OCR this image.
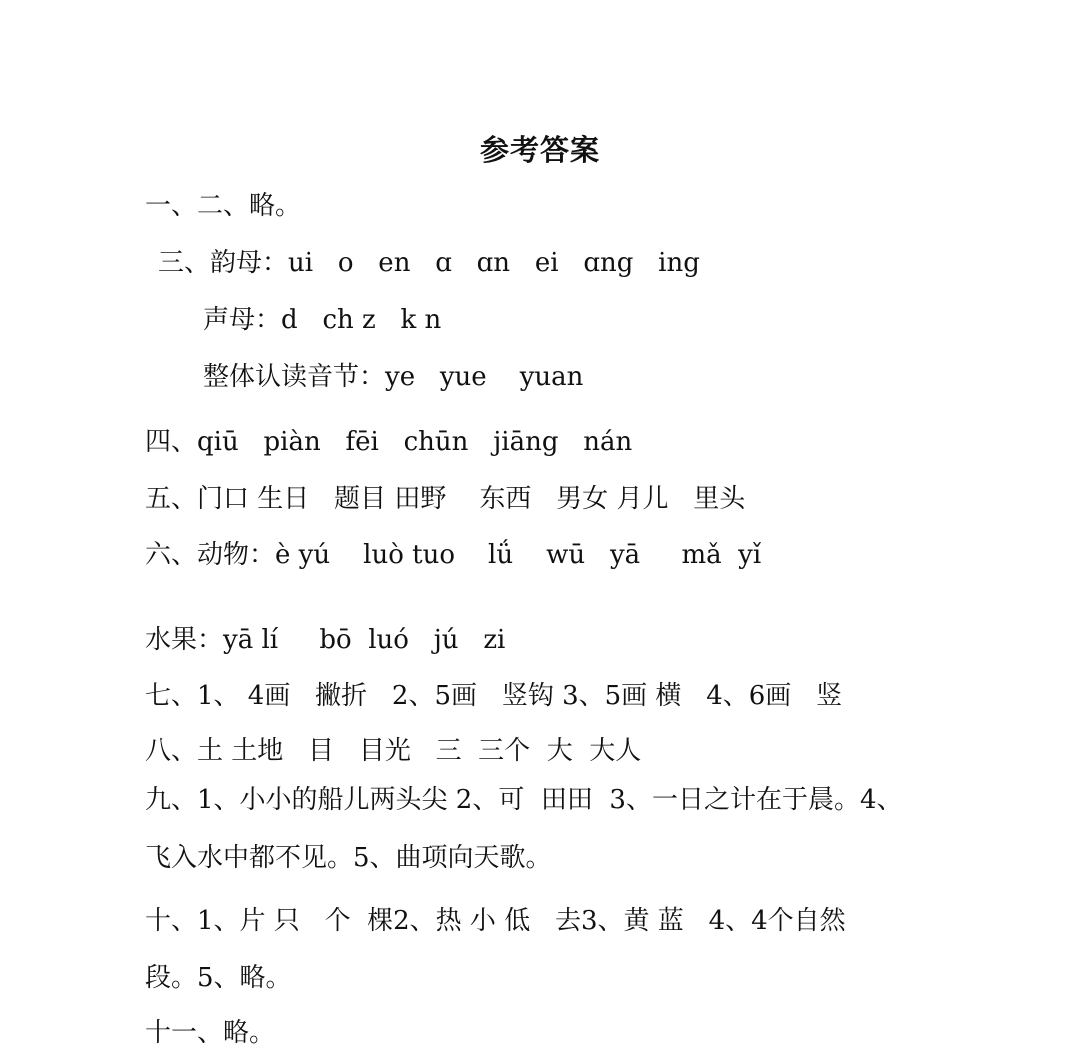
参考答案
一、二、略。
三、韵母：ui   o   en   ɑ   ɑn   ei   ɑng   ing
声母：d   ch z   k n
整体认读音节：ye   yue    yuan
四、qiū   piàn   fēi   chūn   jiāng   nán
五、门口 生日   题目 田野    东西   男女 月儿   里头
六、动物：è yú    luò tuo    lǘ    wū   yā     mǎ  yǐ
水果：yā lí     bō  luó   jú   zi
七、1、 4画   撇折   2、5画   竖钩 3、5画 横   4、6画   竖
八、土 土地   目   目光   三  三个  大  大人
九、1、小小的船儿两头尖 2、可  田田  3、一日之计在于晨。4、
飞入水中都不见。5、曲项向天歌。
十、1、片 只   个  棵2、热 小 低   去3、黄 蓝   4、4个自然
段。5、略。
十一、略。
